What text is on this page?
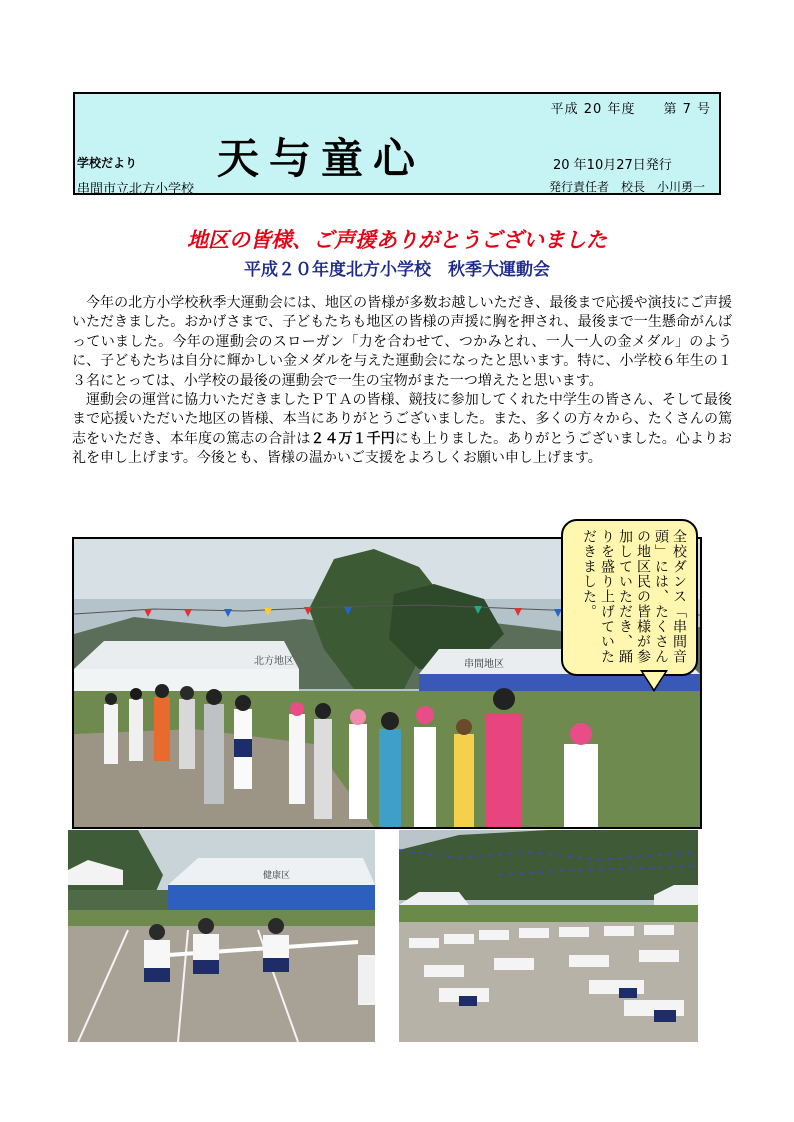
平成 20 年度　　第 7 号
学校だより 天与童心	20 年10月27日発行
串間市立北方小学校	発行責任者　校長　小川勇一
地区の皆様、ご声援ありがとうございました
平成２０年度北方小学校　秋季大運動会

今年の北方小学校秋季大運動会には、地区の皆様が多数お越しいただき、最後まで応援や演技にご声援いただきました。おかげさまで、子どもたちも地区の皆様の声援に胸を押され、最後まで一生懸命がんばっていました。今年の運動会のスローガン「力を合わせて、つかみとれ、一人一人の金メダル」のように、子どもたちは自分に輝かしい金メダルを与えた運動会になったと思います。特に、小学校６年生の１３名にとっては、小学校の最後の運動会で一生の宝物がまた一つ増えたと思います。

運動会の運営に協力いただきましたＰＴＡの皆様、競技に参加してくれた中学生の皆さん、そして最後まで応援いただいた地区の皆様、本当にありがとうございました。また、多くの方々から、たくさんの篤志をいただき、本年度の篤志の合計は２４万１千円にも上りました。ありがとうございました。心よりお礼を申し上げます。今後とも、皆様の温かいご支援をよろしくお願い申し上げます。

北方地区	串間地区
全校ダンス「串間音頭」には、たくさんの地区民の皆様が参加していただき、踊りを盛り上げていただきました。
健康区
